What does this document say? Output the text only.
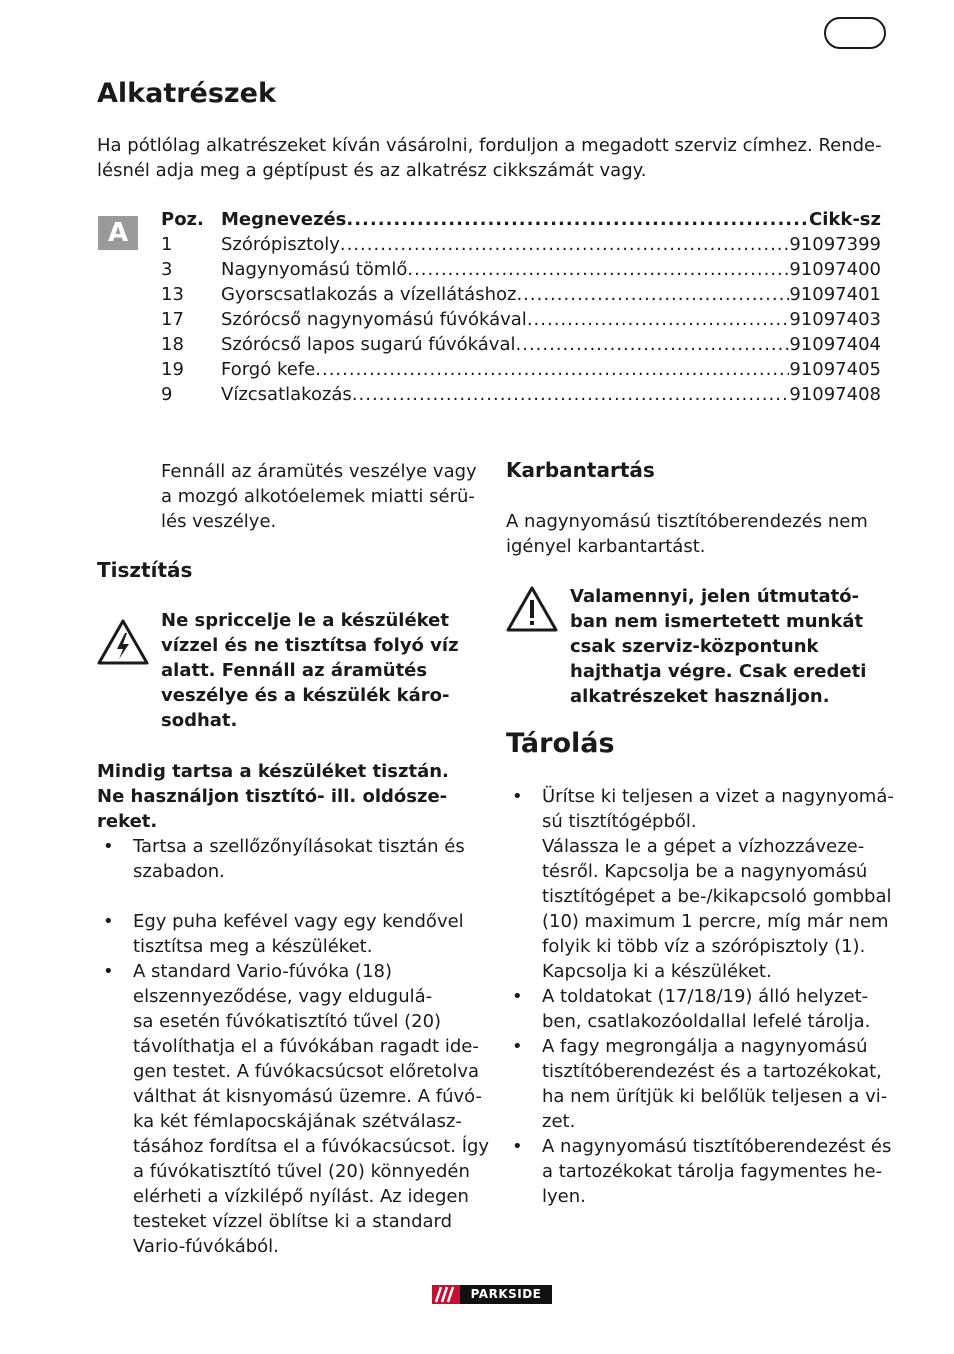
Alkatrészek
Ha pótlólag alkatrészeket kíván vásárolni, forduljon a megadott szerviz címhez. Rende-
lésnél adja meg a géptípust és az alkatrész cikkszámát vagy.
A	Poz. Megnevezés .....	Cikk-sz
1	Szórópisztoly .....	91097399
3	Nagynyomású tömlő .....	91097400
13	Gyorscsatlakozás a vízellátáshoz .....	91097401
17	Szórócső nagynyomású fúvókával .....	91097403
18	Szórócső lapos sugarú fúvókával .....	91097404
19	Forgó kefe .....	91097405
9	Vízcsatlakozás .....	91097408
Fennáll az áramütés veszélye vagy
a mozgó alkotóelemek miatti sérü-
lés veszélye.
Tisztítás
Ne spriccelje le a készüléket
vízzel és ne tisztítsa folyó víz
alatt. Fennáll az áramütés
veszélye és a készülék káro-
sodhat.
Mindig tartsa a készüléket tisztán.
Ne használjon tisztító- ill. oldósze-
reket.
• Tartsa a szellőzőnyílásokat tisztán és
szabadon.
• Egy puha kefével vagy egy kendővel
tisztítsa meg a készüléket.
• A standard Vario-fúvóka (18)
elszennyeződése, vagy eldugulá-
sa esetén fúvókatisztító tűvel (20)
távolíthatja el a fúvókában ragadt ide-
gen testet. A fúvókacsúcsot előretolva
válthat át kisnyomású üzemre. A fúvó-
ka két fémlapocskájának szétválasz-
tásához fordítsa el a fúvókacsúcsot. Így
a fúvókatisztító tűvel (20) könnyedén
elérheti a vízkilépő nyílást. Az idegen
testeket vízzel öblítse ki a standard
Vario-fúvókából.
Karbantartás
A nagynyomású tisztítóberendezés nem
igényel karbantartást.
Valamennyi, jelen útmutató-
ban nem ismertetett munkát
csak szerviz-központunk
hajthatja végre. Csak eredeti
alkatrészeket használjon.
Tárolás
• Ürítse ki teljesen a vizet a nagynyomá-
sú tisztítógépből.
Válassza le a gépet a vízhozzáveze-
tésről. Kapcsolja be a nagynyomású
tisztítógépet a be-/kikapcsoló gombbal
(10) maximum 1 percre, míg már nem
folyik ki több víz a szórópisztoly (1).
Kapcsolja ki a készüléket.
• A toldatokat (17/18/19) álló helyzet-
ben, csatlakozóoldallal lefelé tárolja.
• A fagy megrongálja a nagynyomású
tisztítóberendezést és a tartozékokat,
ha nem ürítjük ki belőlük teljesen a vi-
zet.
• A nagynyomású tisztítóberendezést és
a tartozékokat tárolja fagymentes he-
lyen.
PARKSIDE
